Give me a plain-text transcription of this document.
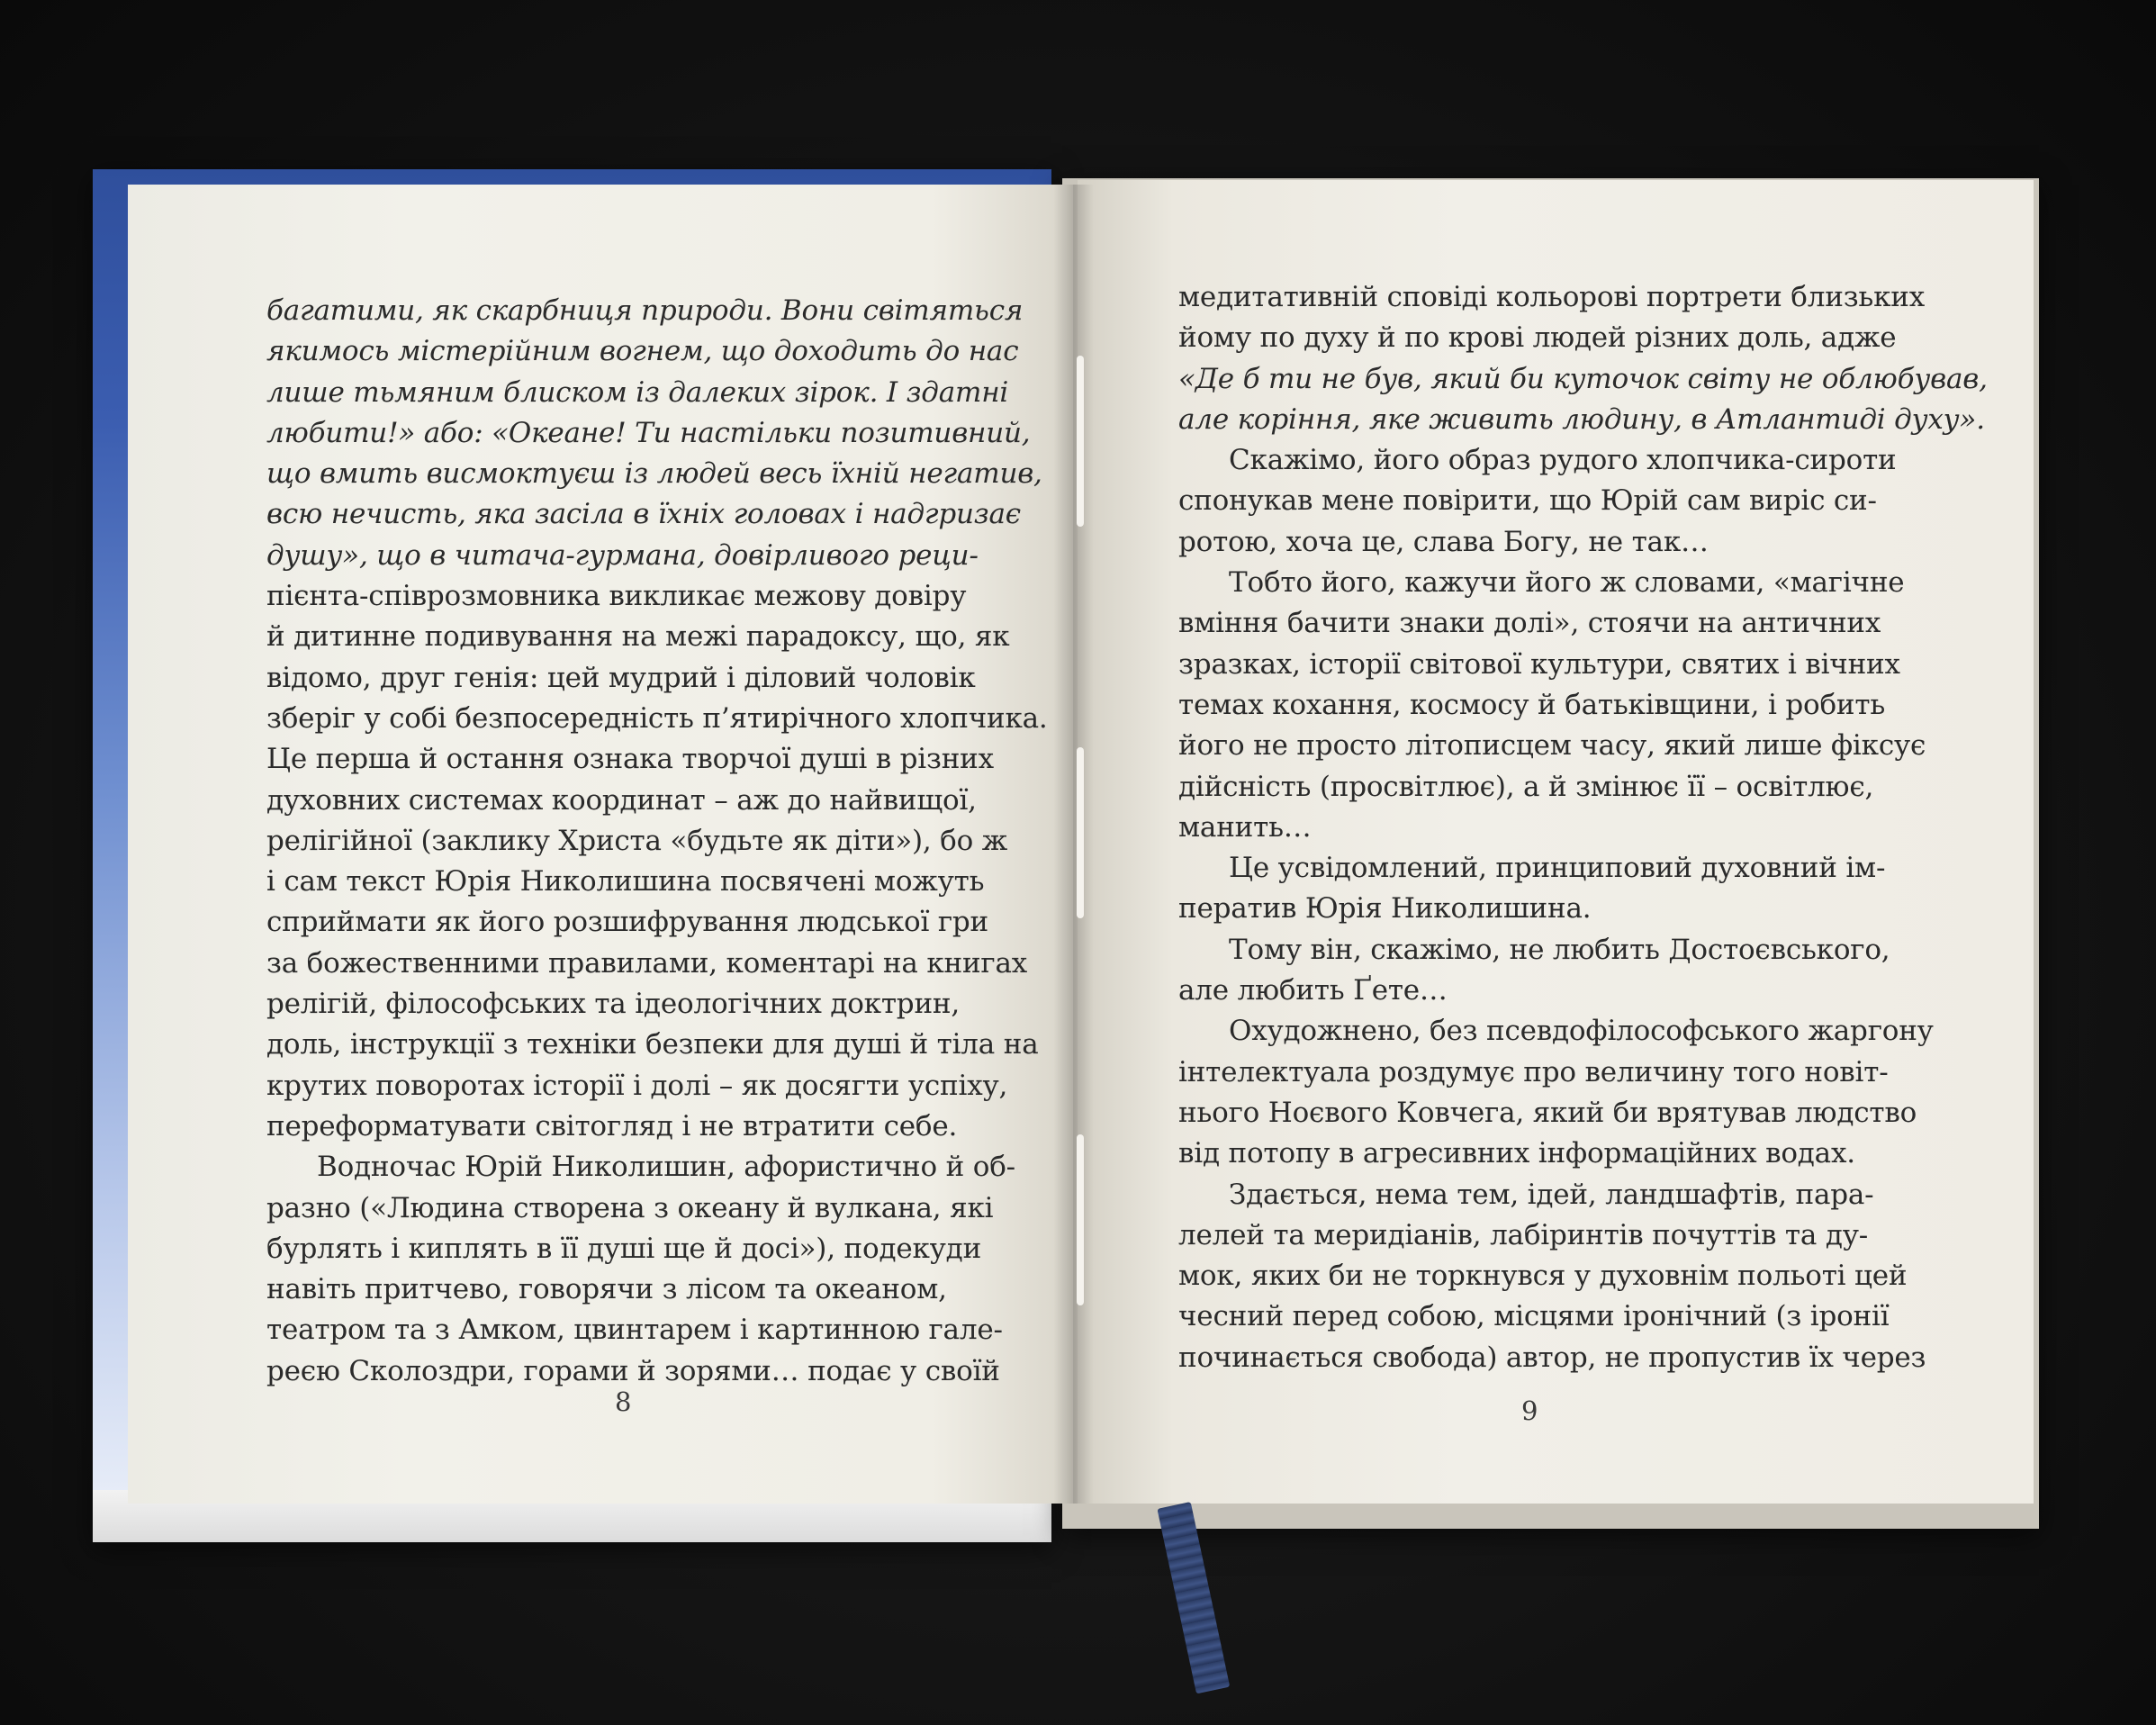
багатими, як скарбниця природи. Вони світяться
якимось містерійним вогнем, що доходить до нас
лише тьмяним блиском із далеких зірок. І здатні
любити!» або: «Океане! Ти настільки позитивний,
що вмить висмоктуєш із людей весь їхній негатив,
всю нечисть, яка засіла в їхніх головах і надгризає
душу», що в читача-гурмана, довірливого реци-
пієнта-співрозмовника викликає межову довіру
й дитинне подивування на межі парадоксу, що, як
відомо, друг генія: цей мудрий і діловий чоловік
зберіг у собі безпосередність п’ятирічного хлопчика.
Це перша й остання ознака творчої душі в різних
духовних системах координат – аж до найвищої,
релігійної (заклику Христа «будьте як діти»), бо ж
і сам текст Юрія Николишина посвячені можуть
сприймати як його розшифрування людської гри
за божественними правилами, коментарі на книгах
релігій, філософських та ідеологічних доктрин,
доль, інструкції з техніки безпеки для душі й тіла на
крутих поворотах історії і долі – як досягти успіху,
переформатувати світогляд і не втратити себе.
Водночас Юрій Николишин, афористично й об-
разно («Людина створена з океану й вулкана, які
бурлять і киплять в її душі ще й досі»), подекуди
навіть притчево, говорячи з лісом та океаном,
театром та з Амком, цвинтарем і картинною гале-
реєю Сколоздри, горами й зорями… подає у своїй
8
медитативній сповіді кольорові портрети близьких
йому по духу й по крові людей різних доль, адже
«Де б ти не був, який би куточок світу не облюбував,
але коріння, яке живить людину, в Атлантиді духу».
Скажімо, його образ рудого хлопчика-сироти
спонукав мене повірити, що Юрій сам виріс си-
ротою, хоча це, слава Богу, не так…
Тобто його, кажучи його ж словами, «магічне
вміння бачити знаки долі», стоячи на античних
зразках, історії світової культури, святих і вічних
темах кохання, космосу й батьківщини, і робить
його не просто літописцем часу, який лише фіксує
дійсність (просвітлює), а й змінює її – освітлює,
манить…
Це усвідомлений, принциповий духовний ім-
ператив Юрія Николишина.
Тому він, скажімо, не любить Достоєвського,
але любить Ґете…
Охудожнено, без псевдофілософського жаргону
інтелектуала роздумує про величину того новіт-
нього Ноєвого Ковчега, який би врятував людство
від потопу в агресивних інформаційних водах.
Здається, нема тем, ідей, ландшафтів, пара-
лелей та меридіанів, лабіринтів почуттів та ду-
мок, яких би не торкнувся у духовнім польоті цей
чесний перед собою, місцями іронічний (з іронії
починається свобода) автор, не пропустив їх через
9
